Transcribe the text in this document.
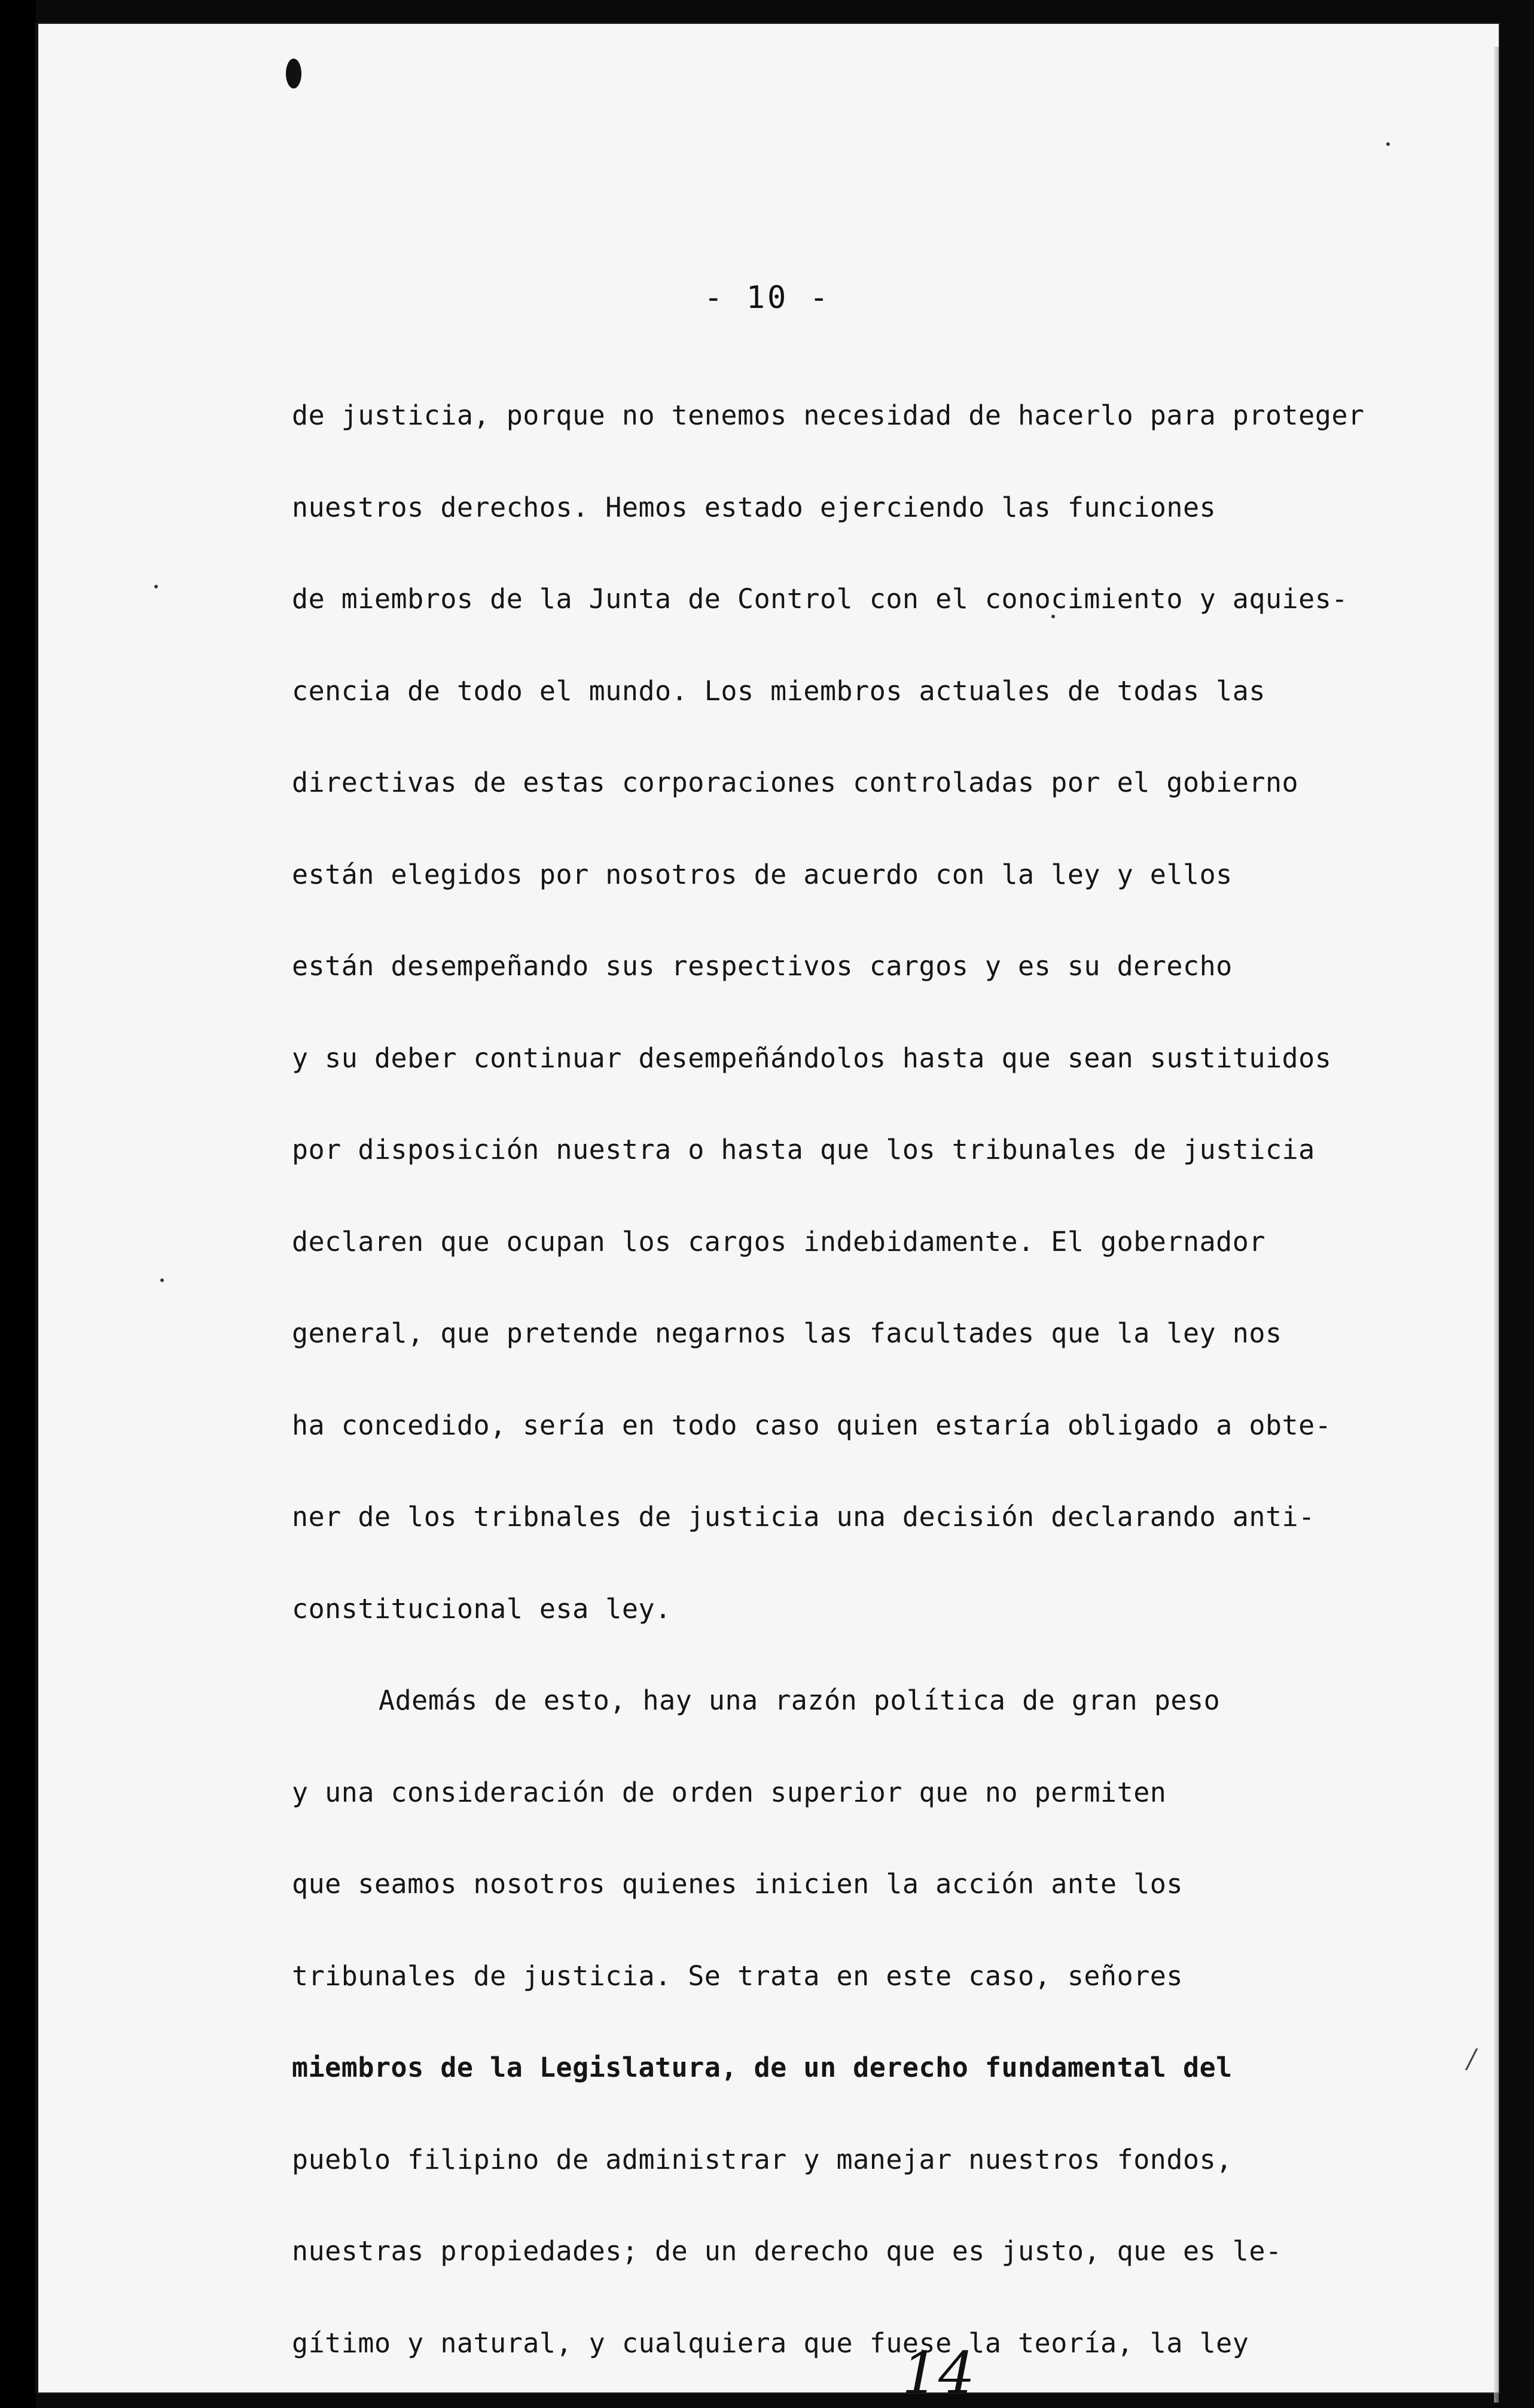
- 10 -
de justicia, porque no tenemos necesidad de hacerlo para proteger
nuestros derechos. Hemos estado ejerciendo las funciones
de miembros de la Junta de Control con el conocimiento y aquies-
cencia de todo el mundo. Los miembros actuales de todas las
directivas de estas corporaciones controladas por el gobierno
están elegidos por nosotros de acuerdo con la ley y ellos
están desempeñando sus respectivos cargos y es su derecho
y su deber continuar desempeñándolos hasta que sean sustituidos
por disposición nuestra o hasta que los tribunales de justicia
declaren que ocupan los cargos indebidamente. El gobernador
general, que pretende negarnos las facultades que la ley nos
ha concedido, sería en todo caso quien estaría obligado a obte-
ner de los tribnales de justicia una decisión declarando anti-
constitucional esa ley.
Además de esto, hay una razón política de gran peso
y una consideración de orden superior que no permiten
que seamos nosotros quienes inicien la acción ante los
tribunales de justicia. Se trata en este caso, señores
miembros de la Legislatura, de un derecho fundamental del
pueblo filipino de administrar y manejar nuestros fondos,
nuestras propiedades; de un derecho que es justo, que es le-
gítimo y natural, y cualquiera que fuese la teoría, la ley
/
14
